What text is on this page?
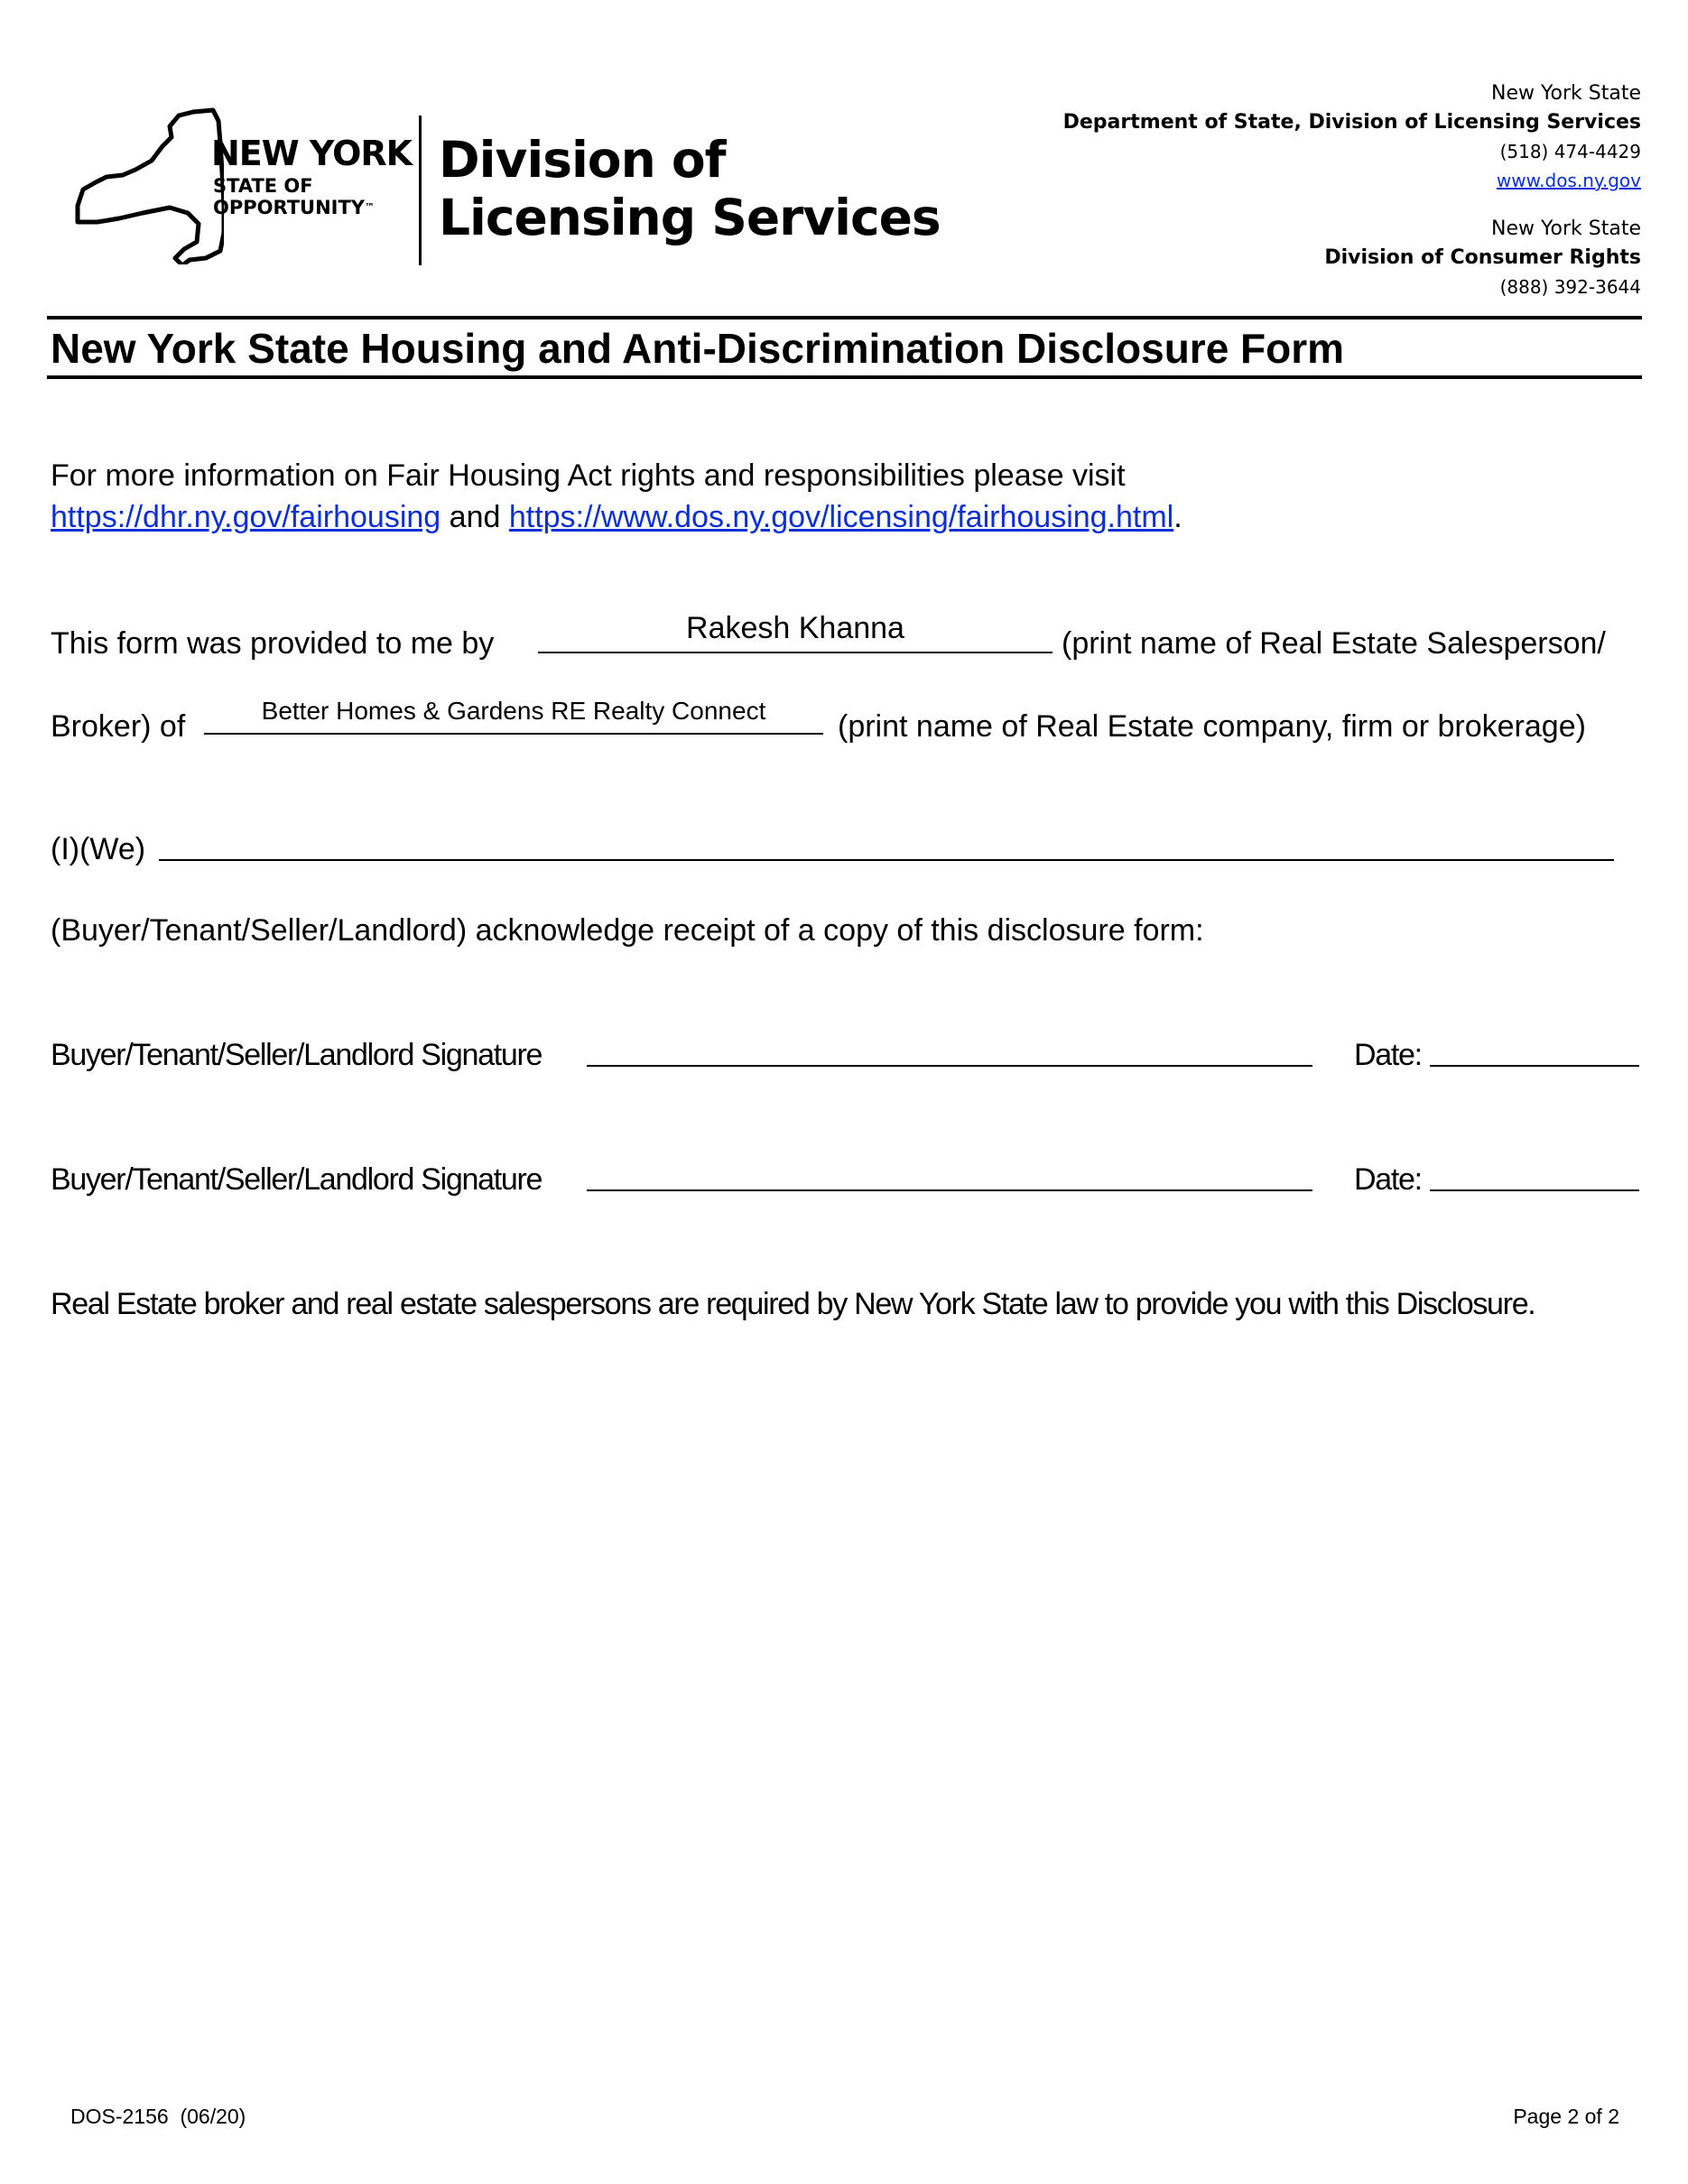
NEW YORK
STATE OF
OPPORTUNITY™
Division of
Licensing Services
New York State
Department of State, Division of Licensing Services
(518) 474-4429
www.dos.ny.gov
New York State
Division of Consumer Rights
(888) 392-3644
New York State Housing and Anti-Discrimination Disclosure Form
For more information on Fair Housing Act rights and responsibilities please visit
https://dhr.ny.gov/fairhousing and https://www.dos.ny.gov/licensing/fairhousing.html.
This form was provided to me by	Rakesh Khanna	(print name of Real Estate Salesperson/
Broker) of	Better Homes & Gardens RE Realty Connect	(print name of Real Estate company, firm or brokerage)
(I)(We)
(Buyer/Tenant/Seller/Landlord) acknowledge receipt of a copy of this disclosure form:
Buyer/Tenant/Seller/Landlord Signature	Date:
Buyer/Tenant/Seller/Landlord Signature	Date:
Real Estate broker and real estate salespersons are required by New York State law to provide you with this Disclosure.
DOS-2156  (06/20)	Page 2 of 2
